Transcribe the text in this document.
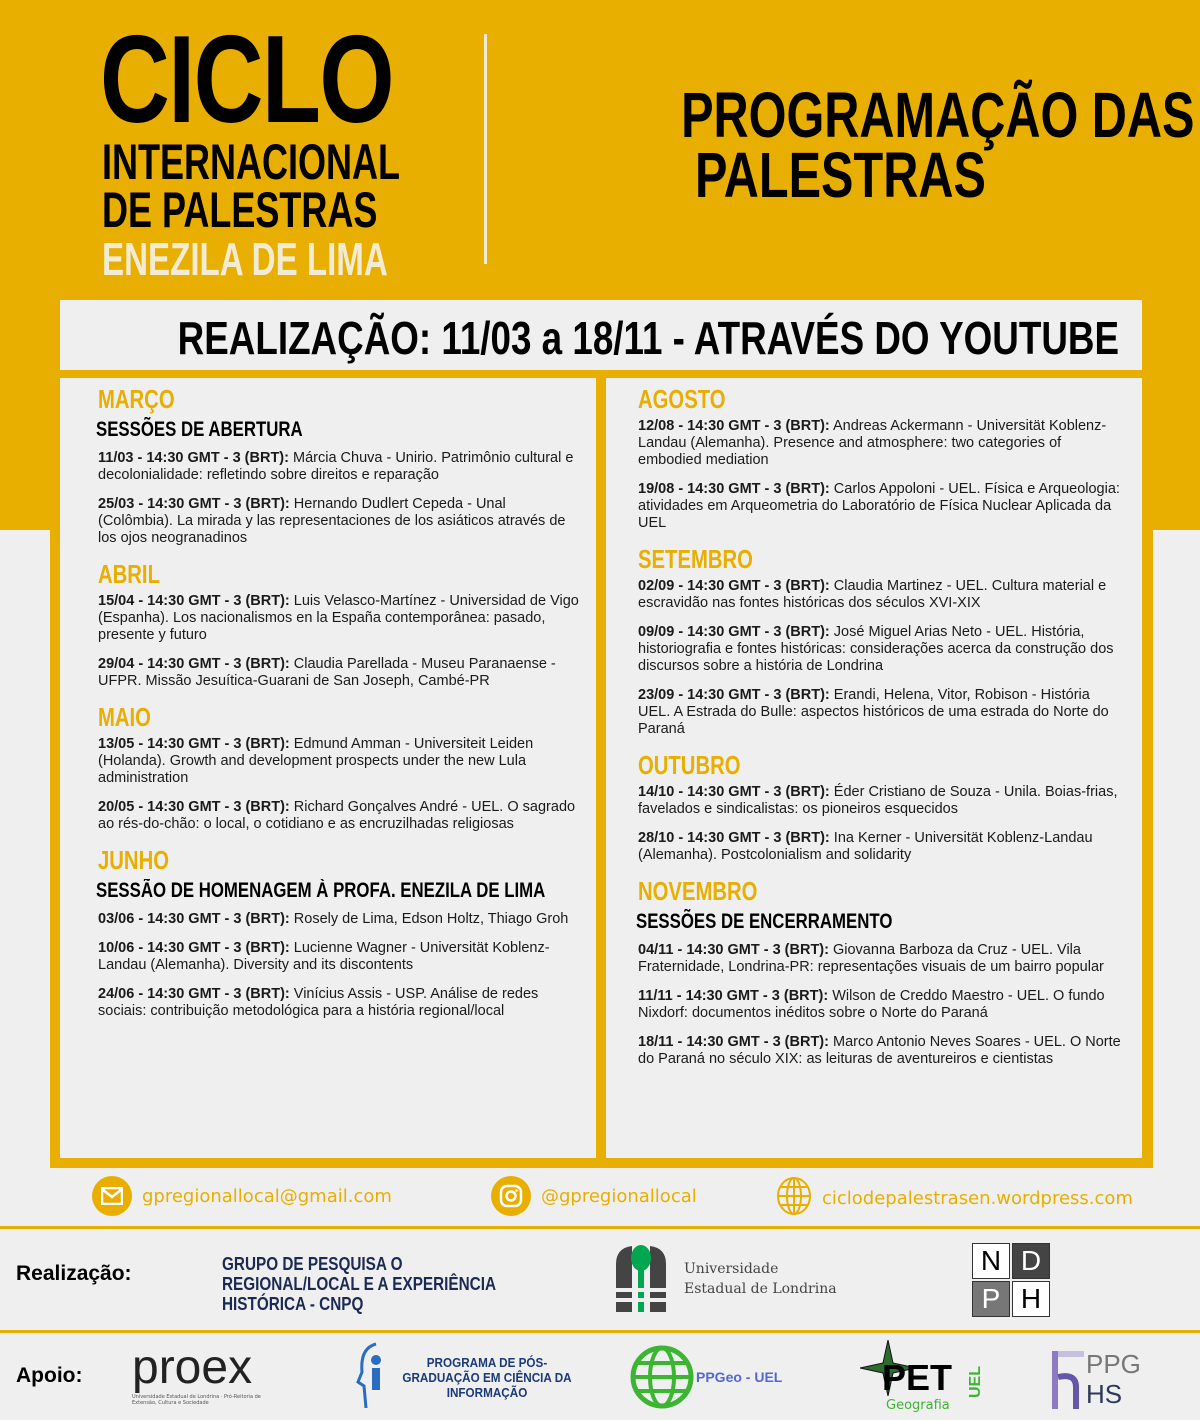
CICLO
INTERNACIONAL
DE PALESTRAS
ENEZILA DE LIMA
PROGRAMAÇÃO DAS
PALESTRAS
REALIZAÇÃO: 11/03 a 18/11 - ATRAVÉS DO YOUTUBE
MARÇO
SESSÕES DE ABERTURA
11/03 - 14:30 GMT - 3 (BRT): Márcia Chuva - Unirio. Patrimônio cultural e decolonialidade: refletindo sobre direitos e reparação
25/03 - 14:30 GMT - 3 (BRT): Hernando Dudlert Cepeda - Unal (Colômbia). La mirada y las representaciones de los asiáticos através de los ojos neogranadinos
ABRIL
15/04 - 14:30 GMT - 3 (BRT): Luis Velasco-Martínez - Universidad de Vigo (Espanha). Los nacionalismos en la España contemporânea: pasado, presente y futuro
29/04 - 14:30 GMT - 3 (BRT): Claudia Parellada - Museu Paranaense - UFPR. Missão Jesuítica-Guarani de San Joseph, Cambé-PR
MAIO
13/05 - 14:30 GMT - 3 (BRT): Edmund Amman - Universiteit Leiden (Holanda). Growth and development prospects under the new Lula administration
20/05 - 14:30 GMT - 3 (BRT): Richard Gonçalves André - UEL. O sagrado ao rés-do-chão: o local, o cotidiano e as encruzilhadas religiosas
JUNHO
SESSÃO DE HOMENAGEM À PROFA. ENEZILA DE LIMA
03/06 - 14:30 GMT - 3 (BRT): Rosely de Lima, Edson Holtz, Thiago Groh
10/06 - 14:30 GMT - 3 (BRT): Lucienne Wagner - Universität Koblenz-Landau (Alemanha). Diversity and its discontents
24/06 - 14:30 GMT - 3 (BRT): Vinícius Assis - USP. Análise de redes sociais: contribuição metodológica para a história regional/local
AGOSTO
12/08 - 14:30 GMT - 3 (BRT): Andreas Ackermann - Universität Koblenz-Landau (Alemanha). Presence and atmosphere: two categories of embodied mediation
19/08 - 14:30 GMT - 3 (BRT): Carlos Appoloni - UEL. Física e Arqueologia: atividades em Arqueometria do Laboratório de Física Nuclear Aplicada da UEL
SETEMBRO
02/09 - 14:30 GMT - 3 (BRT): Claudia Martinez - UEL. Cultura material e escravidão nas fontes históricas dos séculos XVI-XIX
09/09 - 14:30 GMT - 3 (BRT): José Miguel Arias Neto - UEL. História, historiografia e fontes históricas: considerações acerca da construção dos discursos sobre a história de Londrina
23/09 - 14:30 GMT - 3 (BRT): Erandi, Helena, Vitor, Robison - História UEL. A Estrada do Bulle: aspectos históricos de uma estrada do Norte do Paraná
OUTUBRO
14/10 - 14:30 GMT - 3 (BRT): Éder Cristiano de Souza - Unila. Boias-frias, favelados e sindicalistas: os pioneiros esquecidos
28/10 - 14:30 GMT - 3 (BRT): Ina Kerner - Universität Koblenz-Landau (Alemanha). Postcolonialism and solidarity
NOVEMBRO
SESSÕES DE ENCERRAMENTO
04/11 - 14:30 GMT - 3 (BRT): Giovanna Barboza da Cruz - UEL. Vila Fraternidade, Londrina-PR: representações visuais de um bairro popular
11/11 - 14:30 GMT - 3 (BRT): Wilson de Creddo Maestro - UEL. O fundo Nixdorf: documentos inéditos sobre o Norte do Paraná
18/11 - 14:30 GMT - 3 (BRT): Marco Antonio Neves Soares - UEL. O Norte do Paraná no século XIX: as leituras de aventureiros e cientistas
gpregionallocal@gmail.com	@gpregionallocal	ciclodepalestrasen.wordpress.com
Realização:	GRUPO DE PESQUISA O REGIONAL/LOCAL E A EXPERIÊNCIA HISTÓRICA - CNPQ
Universidade
Estadual de Londrina
N D
P H
Apoio: proex
Universidade Estadual de Londrina · Pró-Reitoria de Extensão, Cultura e Sociedade
PROGRAMA DE PÓS-GRADUAÇÃO EM CIÊNCIA DA INFORMAÇÃO
PPGeo - UEL	PET
Geografia
UEL
PPG
HS
